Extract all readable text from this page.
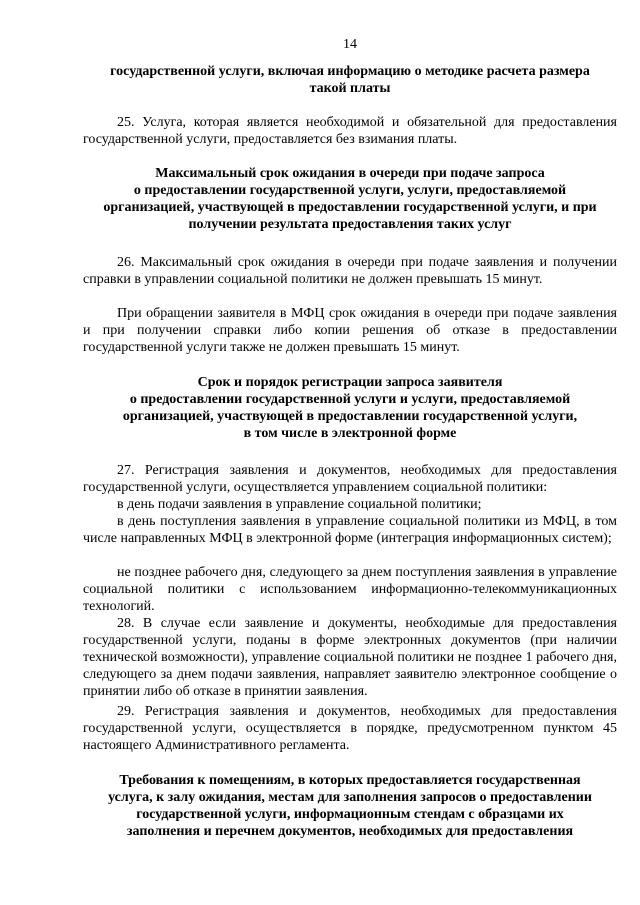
14
государственной услуги, включая информацию о методике расчета размера
такой платы
25. Услуга, которая является необходимой и обязательной для предоставления государственной услуги, предоставляется без взимания платы.
Максимальный срок ожидания в очереди при подаче запроса
о предоставлении государственной услуги, услуги, предоставляемой
организацией, участвующей в предоставлении государственной услуги, и при
получении результата предоставления таких услуг
26. Максимальный срок ожидания в очереди при подаче заявления и получении справки в управлении социальной политики не должен превышать 15 минут.
При обращении заявителя в МФЦ срок ожидания в очереди при подаче заявления и при получении справки либо копии решения об отказе в предоставлении государственной услуги также не должен превышать 15 минут.
Срок и порядок регистрации запроса заявителя
о предоставлении государственной услуги и услуги, предоставляемой
организацией, участвующей в предоставлении государственной услуги,
в том числе в электронной форме
27. Регистрация заявления и документов, необходимых для предоставления государственной услуги, осуществляется управлением социальной политики:
в день подачи заявления в управление социальной политики;
в день поступления заявления в управление социальной политики из МФЦ, в том числе направленных МФЦ в электронной форме (интеграция информационных систем);
не позднее рабочего дня, следующего за днем поступления заявления в управление социальной политики с использованием информационно-телекоммуникационных технологий.
28. В случае если заявление и документы, необходимые для предоставления государственной услуги, поданы в форме электронных документов (при наличии технической возможности), управление социальной политики не позднее 1 рабочего дня, следующего за днем подачи заявления, направляет заявителю электронное сообщение о принятии либо об отказе в принятии заявления.
29. Регистрация заявления и документов, необходимых для предоставления государственной услуги, осуществляется в порядке, предусмотренном пунктом 45 настоящего Административного регламента.
Требования к помещениям, в которых предоставляется государственная
услуга, к залу ожидания, местам для заполнения запросов о предоставлении
государственной услуги, информационным стендам с образцами их
заполнения и перечнем документов, необходимых для предоставления
